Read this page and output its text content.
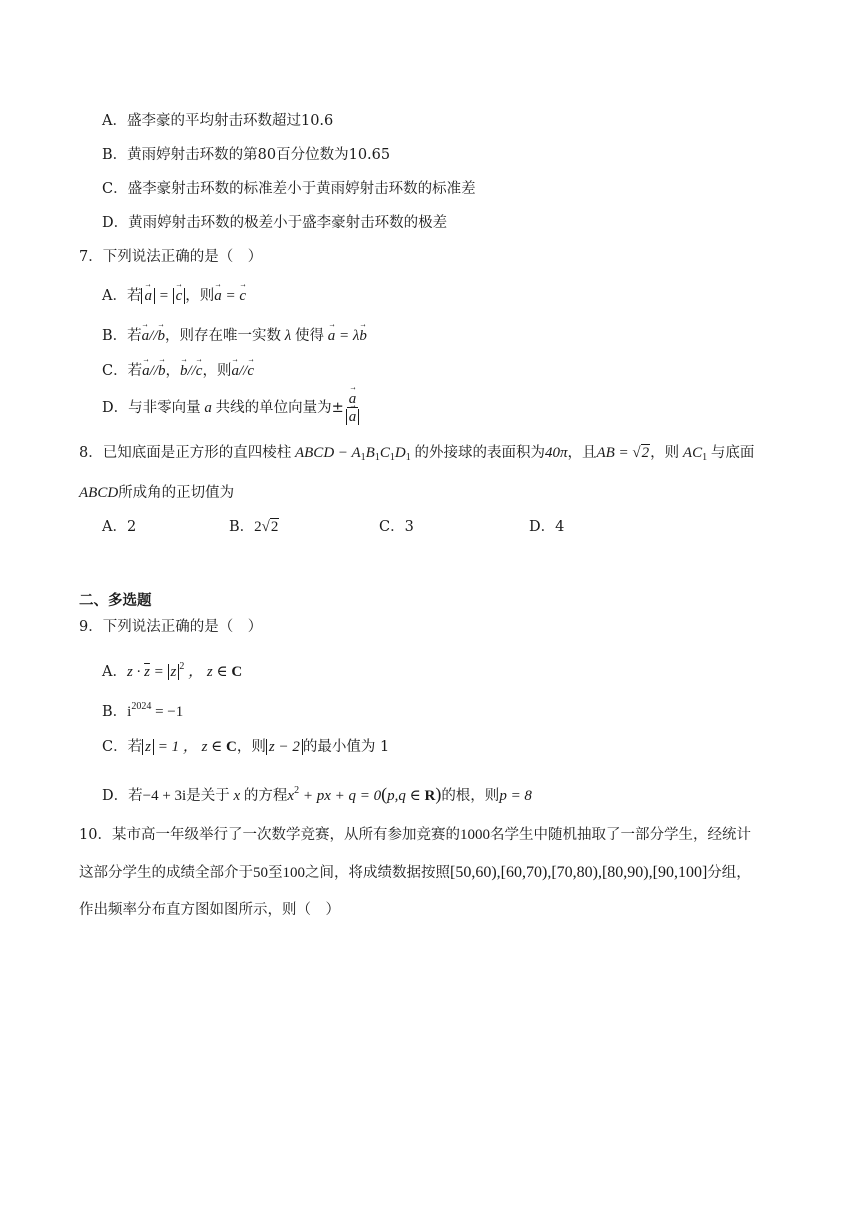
A．盛李豪的平均射击环数超过10.6
B．黄雨婷射击环数的第80百分位数为10.65
C．盛李豪射击环数的标准差小于黄雨婷射击环数的标准差
D．黄雨婷射击环数的极差小于盛李豪射击环数的极差
7．下列说法正确的是（　）
A．若 → a = → c ，则→ a = → c
B．若→ a//→ b，则存在唯一实数 λ 使得 → a = λ→ b
C．若→ a//→ b，→ b//→ c，则→ a//→ c
D．与非零向量 a 共线的单位向量为± → a
→ a
8．已知底面是正方形的直四棱柱 ABCD − $A_1B_1C_1D_1$ 的外接球的表面积为40π，且AB = √2，则 $AC_1$ 与底面
ABCD所成角的正切值为
A．2	B．2√2	C．3	D．4
二、多选题
9．下列说法正确的是（　）
A．$z \cdot \overline{z} = z$ $^2$ ， z ∈ C
B．$i^{2024} = -1$
C．若 z = 1 ， z ∈ C，则 z − 2 的最小值为 1
D．若−4 + 3i是关于 x 的方程$x^2$ + px + q = 0(p,q ∈ R)的根，则p = 8
10．某市高一年级举行了一次数学竞赛，从所有参加竞赛的1000名学生中随机抽取了一部分学生，经统计
这部分学生的成绩全部介于50至100之间，将成绩数据按照[50,60),[60,70),[70,80),[80,90),[90,100]分组，
作出频率分布直方图如图所示，则（　）
